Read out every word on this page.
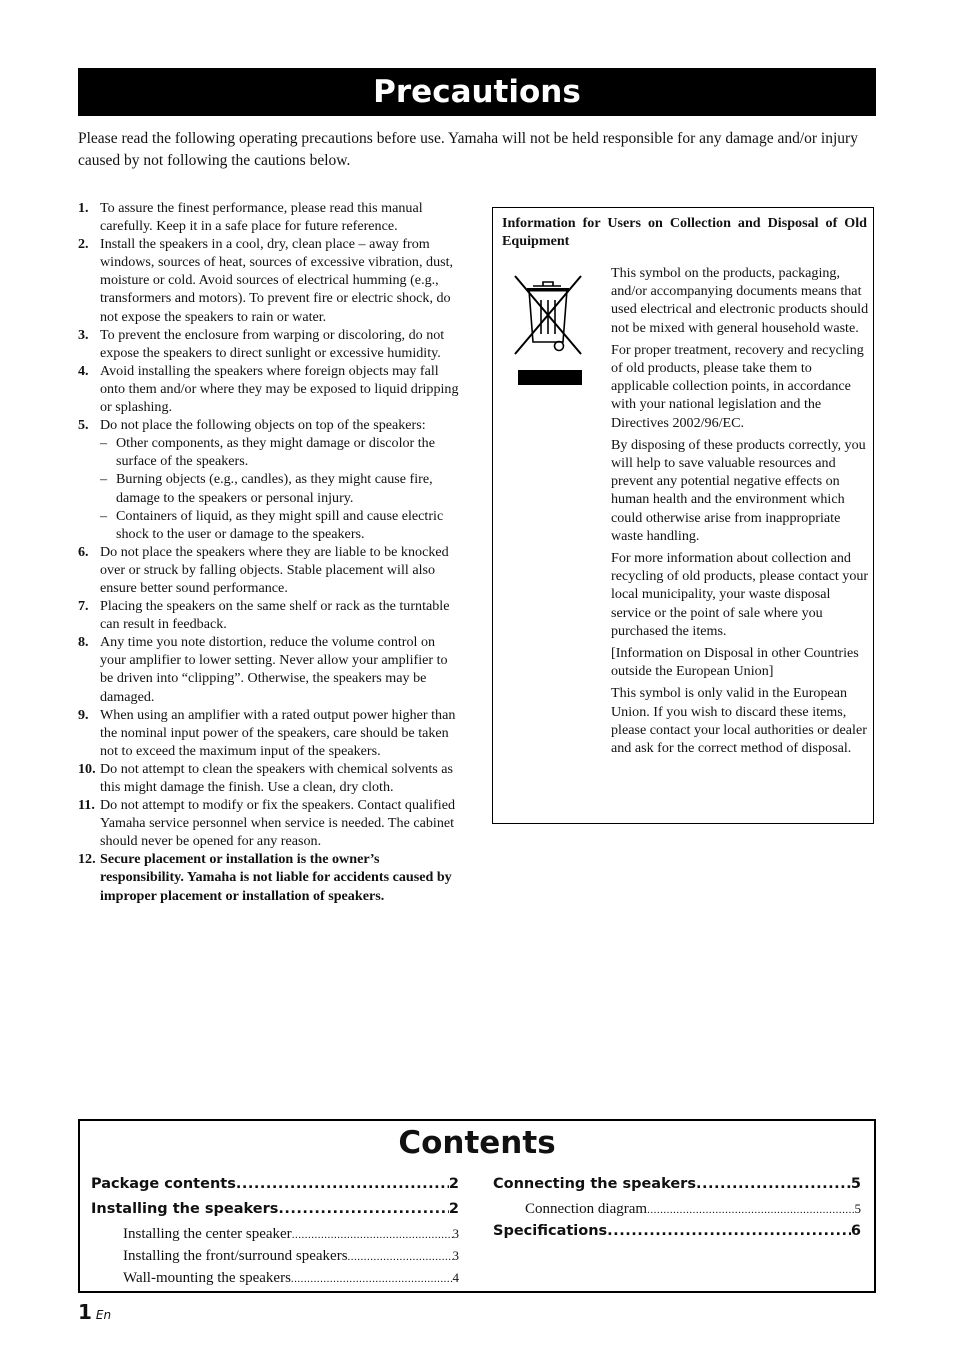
Precautions
Please read the following operating precautions before use. Yamaha will not be held responsible for any damage and/or injury caused by not following the cautions below.
1. To assure the finest performance, please read this manual carefully. Keep it in a safe place for future reference.
2. Install the speakers in a cool, dry, clean place – away from windows, sources of heat, sources of excessive vibration, dust, moisture or cold. Avoid sources of electrical humming (e.g., transformers and motors). To prevent fire or electric shock, do not expose the speakers to rain or water.
3. To prevent the enclosure from warping or discoloring, do not expose the speakers to direct sunlight or excessive humidity.
4. Avoid installing the speakers where foreign objects may fall onto them and/or where they may be exposed to liquid dripping or splashing.
5. Do not place the following objects on top of the speakers:
– Other components, as they might damage or discolor the surface of the speakers.
– Burning objects (e.g., candles), as they might cause fire, damage to the speakers or personal injury.
– Containers of liquid, as they might spill and cause electric shock to the user or damage to the speakers.
6. Do not place the speakers where they are liable to be knocked over or struck by falling objects. Stable placement will also ensure better sound performance.
7. Placing the speakers on the same shelf or rack as the turntable can result in feedback.
8. Any time you note distortion, reduce the volume control on your amplifier to lower setting. Never allow your amplifier to be driven into “clipping”. Otherwise, the speakers may be damaged.
9. When using an amplifier with a rated output power higher than the nominal input power of the speakers, care should be taken not to exceed the maximum input of the speakers.
10. Do not attempt to clean the speakers with chemical solvents as this might damage the finish. Use a clean, dry cloth.
11. Do not attempt to modify or fix the speakers. Contact qualified Yamaha service personnel when service is needed. The cabinet should never be opened for any reason.
12. Secure placement or installation is the owner’s responsibility. Yamaha is not liable for accidents caused by improper placement or installation of speakers.
Information for Users on Collection and Disposal of Old Equipment

This symbol on the products, packaging, and/or accompanying documents means that used electrical and electronic products should not be mixed with general household waste.

For proper treatment, recovery and recycling of old products, please take them to applicable collection points, in accordance with your national legislation and the Directives 2002/96/EC.

By disposing of these products correctly, you will help to save valuable resources and prevent any potential negative effects on human health and the environment which could otherwise arise from inappropriate waste handling.

For more information about collection and recycling of old products, please contact your local municipality, your waste disposal service or the point of sale where you purchased the items.

[Information on Disposal in other Countries outside the European Union]

This symbol is only valid in the European Union. If you wish to discard these items, please contact your local authorities or dealer and ask for the correct method of disposal.

Contents
Package contents .....	2
Installing the speakers .....	2
Installing the center speaker .....	3
Installing the front/surround speakers .....	3
Wall-mounting the speakers .....	4
Connecting the speakers .....	5
Connection diagram .....	5
Specifications .....	6
1 En
